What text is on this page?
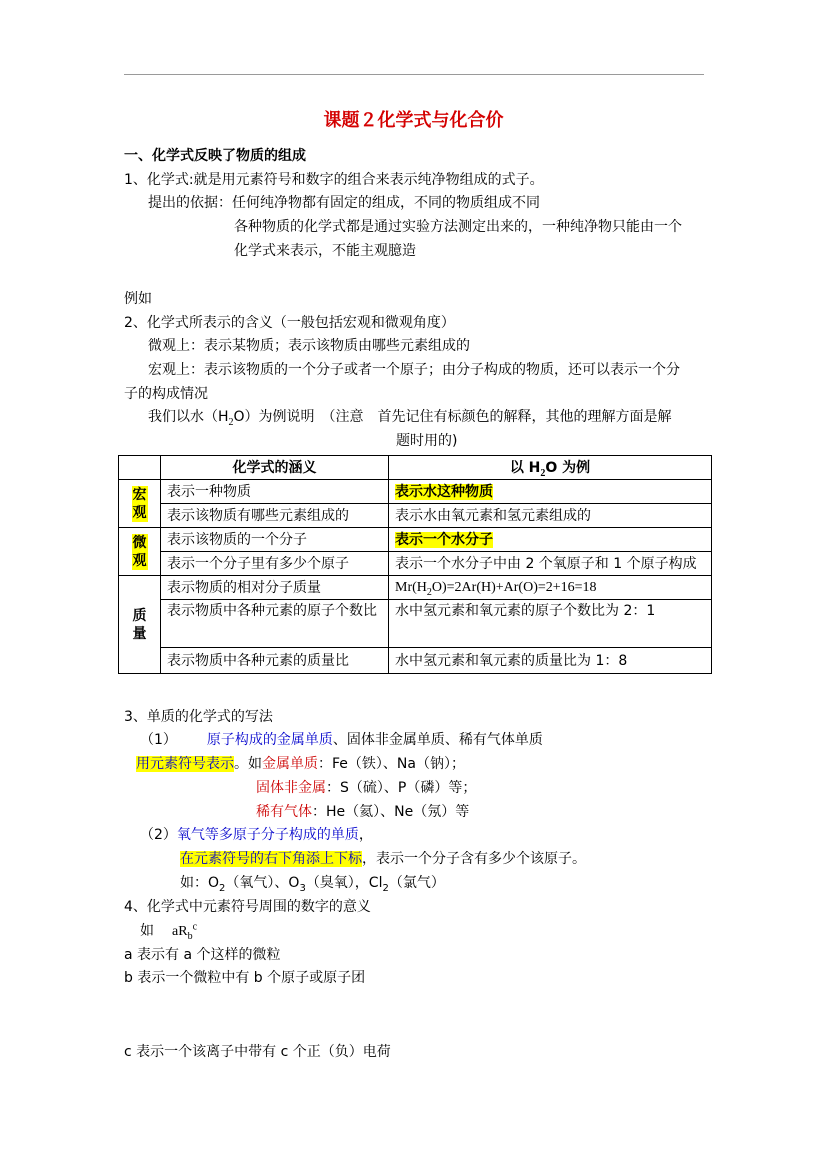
课题２化学式与化合价
一、化学式反映了物质的组成
1、化学式:就是用元素符号和数字的组合来表示纯净物组成的式子。
提出的依据：任何纯净物都有固定的组成，不同的物质组成不同
各种物质的化学式都是通过实验方法测定出来的，一种纯净物只能由一个
化学式来表示，不能主观臆造
例如
2、化学式所表示的含义（一般包括宏观和微观角度）
微观上：表示某物质；表示该物质由哪些元素组成的
宏观上：表示该物质的一个分子或者一个原子；由分子构成的物质，还可以表示一个分
子的构成情况
我们以水$(H_2O)$为例说明　（注意　首先记住有标颜色的解释，其他的理解方面是解
题时用的)
	化学式的涵义	以 $H_2O$ 为例
宏观	表示一种物质	表示水这种物质
	表示该物质有哪些元素组成的	表示水由氧元素和氢元素组成的
微观	表示该物质的一个分子	表示一个水分子
	表示一个分子里有多少个原子	表示一个水分子中由 2 个氧原子和 1 个原子构成
质量	表示物质的相对分子质量	$Mr(H_2O)=2Ar(H)+Ar(O)=2+16=18$
	表示物质中各种元素的原子个数比	水中氢元素和氧元素的原子个数比为 2：1
	表示物质中各种元素的质量比	水中氢元素和氧元素的质量比为 1：8
3、单质的化学式的写法
（1） 原子构成的金属单质、固体非金属单质、稀有气体单质
用元素符号表示。如金属单质：Fe（铁）、Na（钠）；
固体非金属：S（硫）、P（磷）等；
稀有气体：He（氦）、Ne（氖）等
（2）氧气等多原子分子构成的单质，
在元素符号的右下角添上下标，表示一个分子含有多少个该原子。
如：$O_2$（氧气）、$O_3$（臭氧），$Cl_2$（氯气）
4、化学式中元素符号周围的数字的意义
如 $aR_b^c$
a 表示有 a 个这样的微粒
b 表示一个微粒中有 b 个原子或原子团
c 表示一个该离子中带有 c 个正（负）电荷
